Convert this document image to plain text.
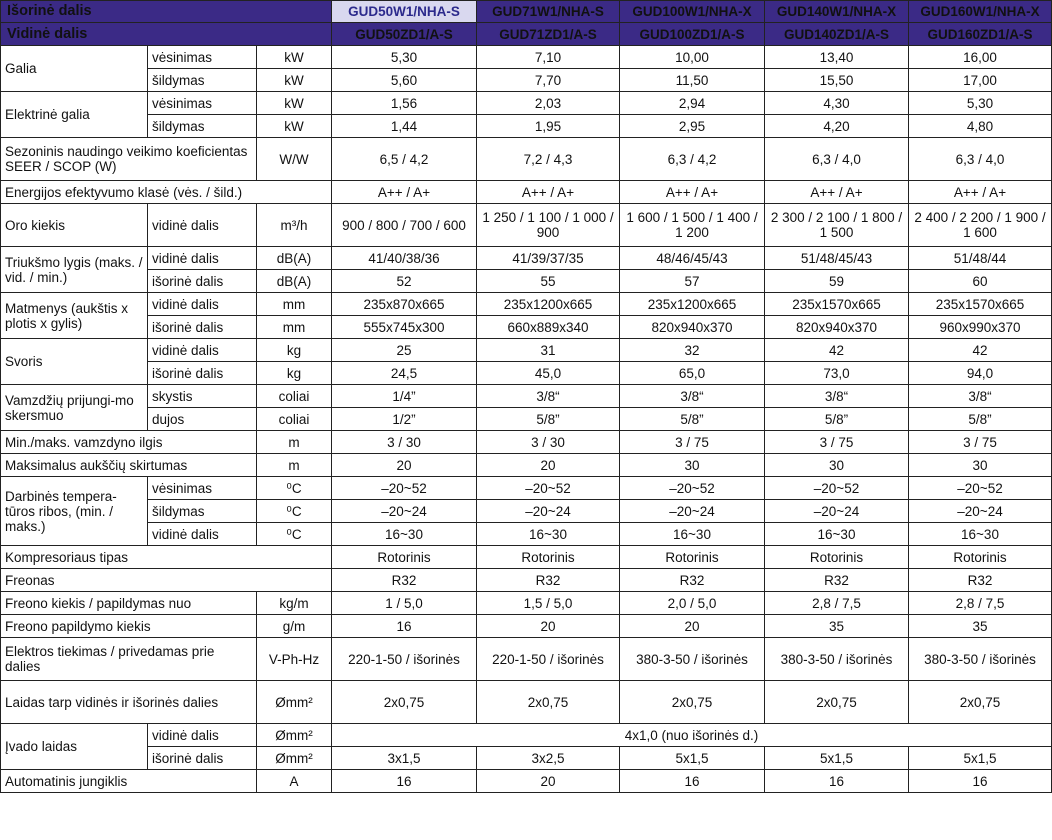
Išorinė dalis			GUD50W1/NHA-S	GUD71W1/NHA-S	GUD100W1/NHA-X	GUD140W1/NHA-X	GUD160W1/NHA-X
Vidinė dalis			GUD50ZD1/A-S	GUD71ZD1/A-S	GUD100ZD1/A-S	GUD140ZD1/A-S	GUD160ZD1/A-S
Galia	vėsinimas	kW	5,30	7,10	10,00	13,40	16,00
	šildymas	kW	5,60	7,70	11,50	15,50	17,00
Elektrinė galia	vėsinimas	kW	1,56	2,03	2,94	4,30	5,30
	šildymas	kW	1,44	1,95	2,95	4,20	4,80
Sezoninis naudingo veikimo koeficientas SEER / SCOP (W)		W/W	6,5 / 4,2	7,2 / 4,3	6,3 / 4,2	6,3 / 4,0	6,3 / 4,0
Energijos efektyvumo klasė (vės. / šild.)			A++ / A+	A++ / A+	A++ / A+	A++ / A+	A++ / A+
Oro kiekis	vidinė dalis	m³/h	900 / 800 / 700 / 600	1 250 / 1 100 / 1 000 / 900	1 600 / 1 500 / 1 400 / 1 200	2 300 / 2 100 / 1 800 / 1 500	2 400 / 2 200 / 1 900 / 1 600
Triukšmo lygis (maks. / vid. / min.)	vidinė dalis	dB(A)	41/40/38/36	41/39/37/35	48/46/45/43	51/48/45/43	51/48/44
	išorinė dalis	dB(A)	52	55	57	59	60
Matmenys (aukštis x plotis x gylis)	vidinė dalis	mm	235x870x665	235x1200x665	235x1200x665	235x1570x665	235x1570x665
	išorinė dalis	mm	555x745x300	660x889x340	820x940x370	820x940x370	960x990x370
Svoris	vidinė dalis	kg	25	31	32	42	42
	išorinė dalis	kg	24,5	45,0	65,0	73,0	94,0
Vamzdžių prijungi-mo skersmuo	skystis	coliai	1/4”	3/8“	3/8“	3/8“	3/8“
	dujos	coliai	1/2”	5/8”	5/8”	5/8”	5/8”
Min./maks. vamzdyno ilgis		m	3 / 30	3 / 30	3 / 75	3 / 75	3 / 75
Maksimalus aukščių skirtumas		m	20	20	30	30	30
Darbinės tempera-tūros ribos, (min. / maks.)	vėsinimas	⁰C	–20~52	–20~52	–20~52	–20~52	–20~52
	šildymas	⁰C	–20~24	–20~24	–20~24	–20~24	–20~24
	vidinė dalis	⁰C	16~30	16~30	16~30	16~30	16~30
Kompresoriaus tipas			Rotorinis	Rotorinis	Rotorinis	Rotorinis	Rotorinis
Freonas			R32	R32	R32	R32	R32
Freono kiekis / papildymas nuo		kg/m	1 / 5,0	1,5 / 5,0	2,0 / 5,0	2,8 / 7,5	2,8 / 7,5
Freono papildymo kiekis		g/m	16	20	20	35	35
Elektros tiekimas / privedamas prie dalies		V-Ph-Hz	220-1-50 / išorinės	220-1-50 / išorinės	380-3-50 / išorinės	380-3-50 / išorinės	380-3-50 / išorinės
Laidas tarp vidinės ir išorinės dalies		Ømm²	2x0,75	2x0,75	2x0,75	2x0,75	2x0,75
Įvado laidas	vidinė dalis	Ømm²	4x1,0 (nuo išorinės d.)				
	išorinė dalis	Ømm²	3x1,5	3x2,5	5x1,5	5x1,5	5x1,5
Automatinis jungiklis		A	16	20	16	16	16
